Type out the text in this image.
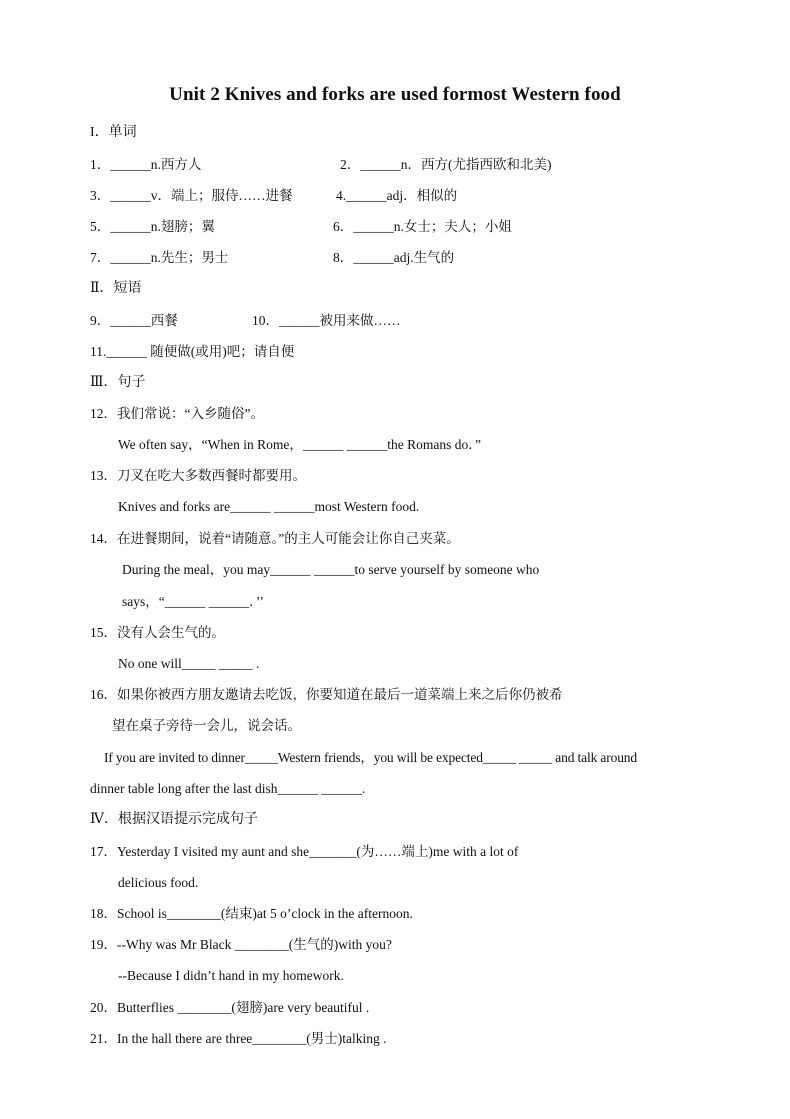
Unit 2 Knives and forks are used formost Western food
I．单词
1．______n.西方人	2．______n．西方(尤指西欧和北美)
3．______v．端上；服侍……进餐	4.______adj．相似的
5．______n.翅膀；翼	6．______n.女士；夫人；小姐
7．______n.先生；男士	8．______adj.生气的
Ⅱ．短语
9．______西餐	10．______被用来做……
11.______ 随便做(或用)吧；请自便
Ⅲ．句子
12．我们常说：“入乡随俗”。
We often say，“When in Rome，______ ______the Romans do．”
13．刀叉在吃大多数西餐时都要用。
Knives and forks are______ ______most Western food.
14．在进餐期间，说着“请随意。”的主人可能会让你自己夹菜。
During the meal，you may______ ______to serve yourself by someone who
says，“______ ______．’’
15．没有人会生气的。
No one will_____ _____ .
16．如果你被西方朋友邀请去吃饭，你要知道在最后一道菜端上来之后你仍被希
望在桌子旁待一会儿，说会话。
If you are invited to dinner_____Western friends，you will be expected_____ _____ and talk around
dinner table long after the last dish______ ______.
Ⅳ．根据汉语提示完成句子
17．Yesterday I visited my aunt and she_______(为……端上)me with a lot of
delicious food.
18．School is________(结束)at 5 o’clock in the afternoon.
19．--Why was Mr Black ________(生气的)with you?
--Because I didn’t hand in my homework.
20．Butterflies ________(翅膀)are very beautiful .
21．In the hall there are three________(男士)talking .
